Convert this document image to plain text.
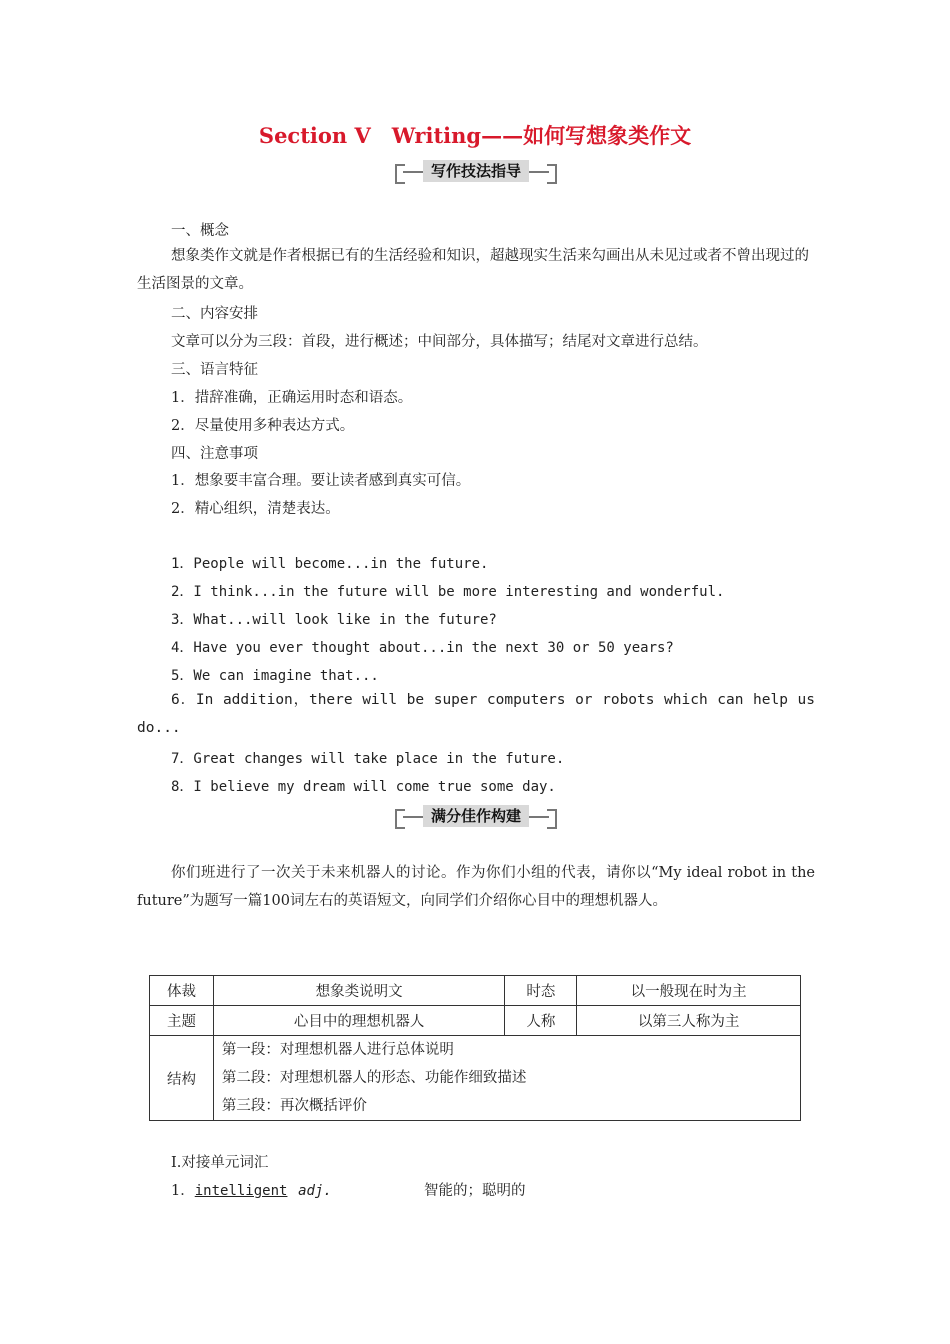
Section Ⅴ　Writing——如何写想象类作文
写作技法指导
一、概念
想象类作文就是作者根据已有的生活经验和知识，超越现实生活来勾画出从未见过或者不曾出现过的生活图景的文章。
二、内容安排
文章可以分为三段：首段，进行概述；中间部分，具体描写；结尾对文章进行总结。
三、语言特征
1．措辞准确，正确运用时态和语态。
2．尽量使用多种表达方式。
四、注意事项
1．想象要丰富合理。要让读者感到真实可信。
2．精心组织，清楚表达。
1．People will become...in the future.
2．I think...in the future will be more interesting and wonderful.
3．What...will look like in the future?
4．Have you ever thought about...in the next 30 or 50 years?
5．We can imagine that...
6．In addition，there will be super computers or robots which can help us do...
7．Great changes will take place in the future.
8．I believe my dream will come true some day.
满分佳作构建
你们班进行了一次关于未来机器人的讨论。作为你们小组的代表，请你以“My ideal robot in the future”为题写一篇100词左右的英语短文，向同学们介绍你心目中的理想机器人。
体裁	想象类说明文	时态	以一般现在时为主
主题	心目中的理想机器人	人称	以第三人称为主
结构	第一段：对理想机器人进行总体说明
第二段：对理想机器人的形态、功能作细致描述
第三段：再次概括评价		
Ⅰ.对接单元词汇
1．intelligent adj.	智能的；聪明的
